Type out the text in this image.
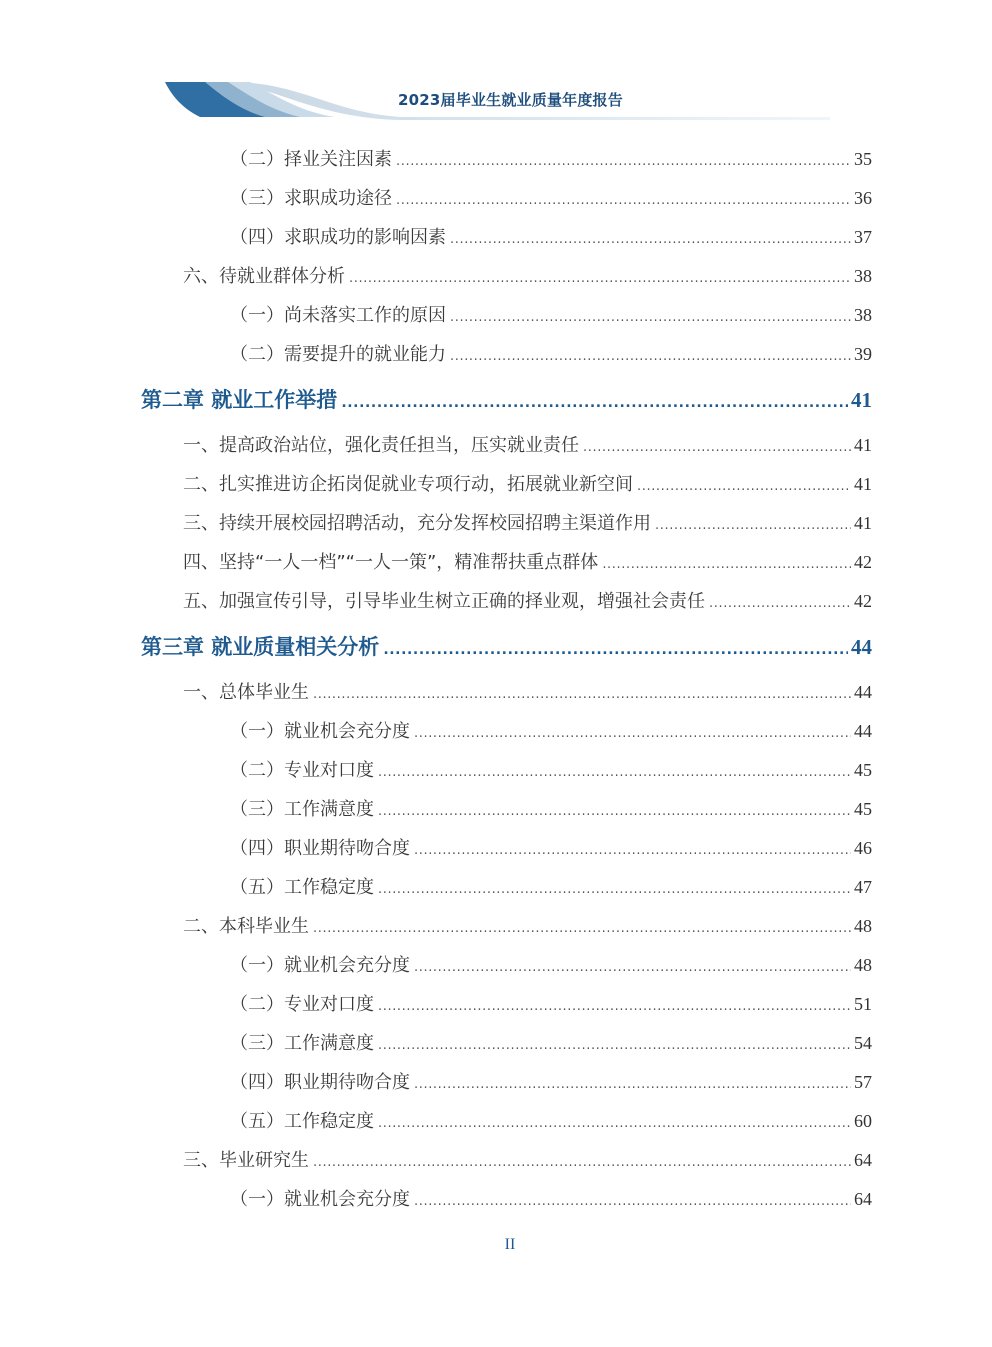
2023届毕业生就业质量年度报告
（二）择业关注因素 .....	35
（三）求职成功途径 .....	36
（四）求职成功的影响因素 .....	37
六、待就业群体分析 .....	38
（一）尚未落实工作的原因 .....	38
（二）需要提升的就业能力 .....	39
第二章 就业工作举措 .....	41
一、提高政治站位，强化责任担当，压实就业责任 .....	41
二、扎实推进访企拓岗促就业专项行动，拓展就业新空间 .....	41
三、持续开展校园招聘活动，充分发挥校园招聘主渠道作用 .....	41
四、坚持“一人一档”“一人一策”，精准帮扶重点群体 .....	42
五、加强宣传引导，引导毕业生树立正确的择业观，增强社会责任 .....	42
第三章 就业质量相关分析 .....	44
一、总体毕业生 .....	44
（一）就业机会充分度 .....	44
（二）专业对口度 .....	45
（三）工作满意度 .....	45
（四）职业期待吻合度 .....	46
（五）工作稳定度 .....	47
二、本科毕业生 .....	48
（一）就业机会充分度 .....	48
（二）专业对口度 .....	51
（三）工作满意度 .....	54
（四）职业期待吻合度 .....	57
（五）工作稳定度 .....	60
三、毕业研究生 .....	64
（一）就业机会充分度 .....	64
II
